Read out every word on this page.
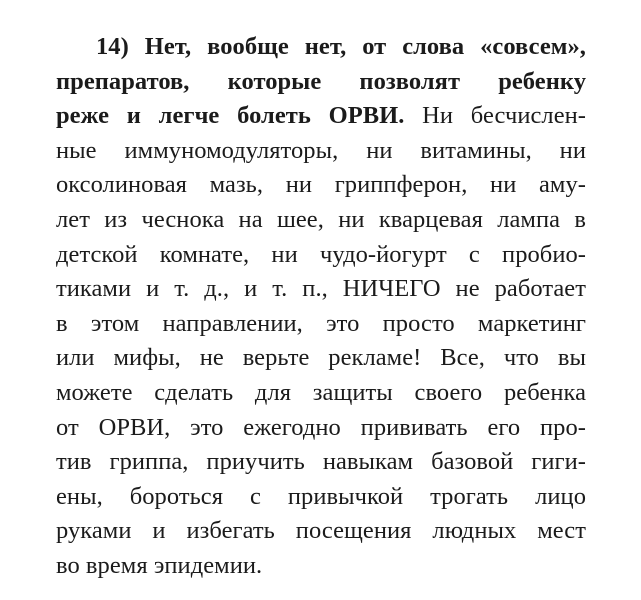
14) Нет, вообще нет, от слова «совсем»,
препаратов, которые позволят ребенку
реже и легче болеть ОРВИ. Ни бесчислен-
ные иммуномодуляторы, ни витамины, ни
оксолиновая мазь, ни гриппферон, ни аму-
лет из чеснока на шее, ни кварцевая лампа в
детской комнате, ни чудо-йогурт с пробио-
тиками и т. д., и т. п., НИЧЕГО не работает
в этом направлении, это просто маркетинг
или мифы, не верьте рекламе! Все, что вы
можете сделать для защиты своего ребенка
от ОРВИ, это ежегодно прививать его про-
тив гриппа, приучить навыкам базовой гиги-
ены, бороться с привычкой трогать лицо
руками и избегать посещения людных мест
во время эпидемии.
